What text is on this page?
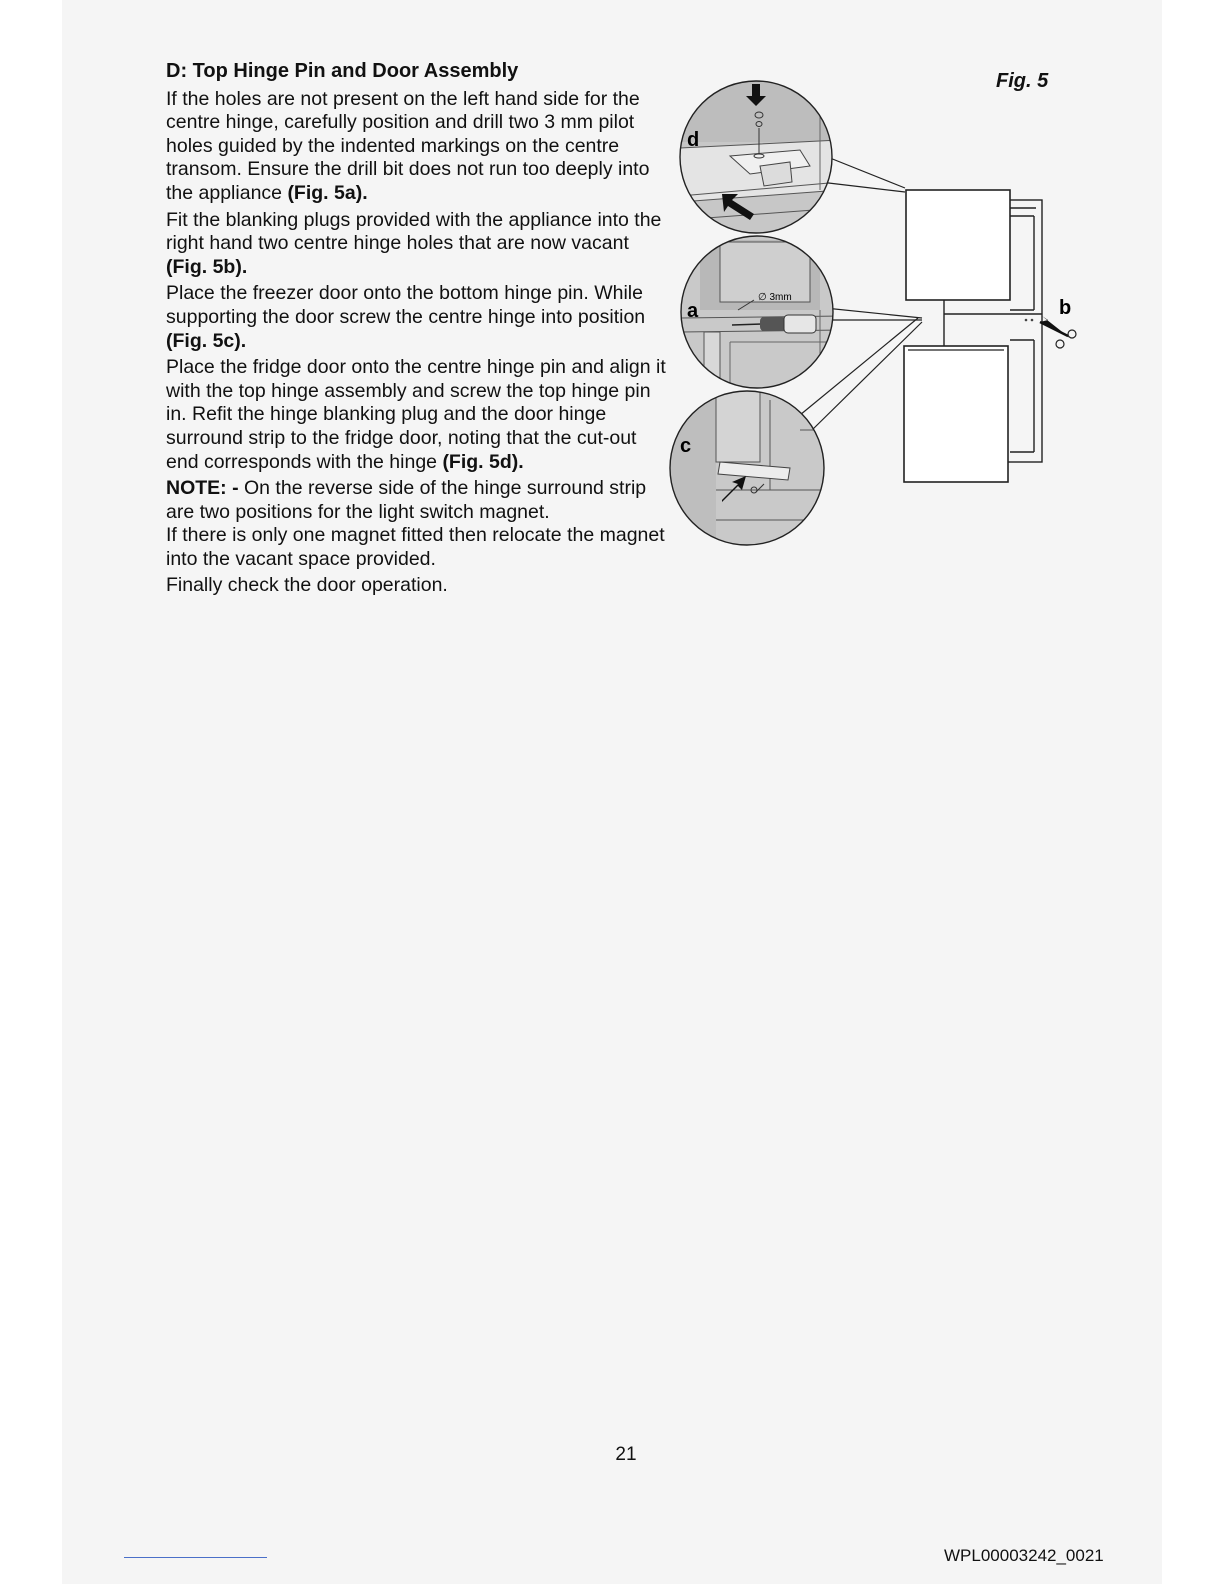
D: Top Hinge Pin and Door Assembly

If the holes are not present on the left hand side for the centre hinge, carefully position and drill two 3 mm pilot holes guided by the indented markings on the centre transom. Ensure the drill bit does not run too deeply into the appliance (Fig. 5a).

Fit the blanking plugs provided with the appliance into the right hand two centre hinge holes that are now vacant (Fig. 5b).

Place the freezer door onto the bottom hinge pin. While supporting the door screw the centre hinge into position (Fig. 5c).

Place the fridge door onto the centre hinge pin and align it with the top hinge assembly and screw the top hinge pin in. Refit the hinge blanking plug and the door hinge surround strip to the fridge door, noting that the cut-out end corresponds with the hinge (Fig. 5d).

NOTE: - On the reverse side of the hinge surround strip are two positions for the light switch magnet.

If there is only one magnet fitted then relocate the magnet into the vacant space provided.

Finally check the door operation.

Fig. 5
d
∅ 3mm
a
c
b
21
WPL00003242_0021
